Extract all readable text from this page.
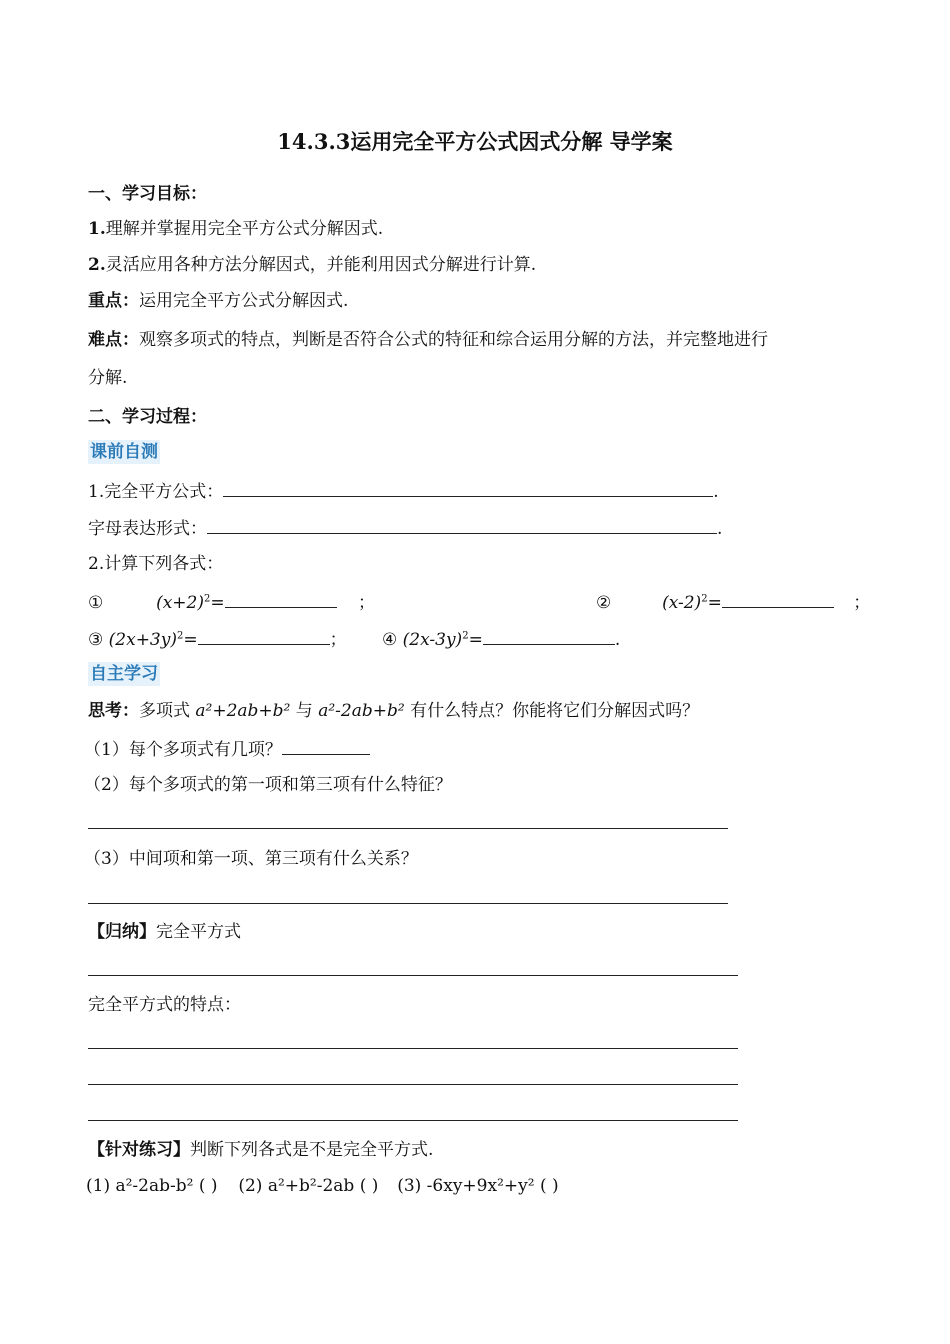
14.3.3运用完全平方公式因式分解 导学案
一、学习目标：
1.理解并掌握用完全平方公式分解因式.
2.灵活应用各种方法分解因式，并能利用因式分解进行计算.
重点：运用完全平方公式分解因式.
难点：观察多项式的特点，判断是否符合公式的特征和综合运用分解的方法，并完整地进行
分解.
二、学习过程：
课前自测
1.完全平方公式：	.
字母表达形式：	.
2.计算下列各式：
①	$(x+2)^2=$	；	②	$(x-2)^2=$	；
③ $(2x+3y)^2=$	； ④ $(2x-3y)^2=$	.
自主学习
思考：多项式 a²+2ab+b² 与 a²-2ab+b² 有什么特点？你能将它们分解因式吗？
（1）每个多项式有几项？
（2）每个多项式的第一项和第三项有什么特征？
（3）中间项和第一项、第三项有什么关系？
【归纳】完全平方式
完全平方式的特点：
【针对练习】判断下列各式是不是完全平方式.
(1) a²-2ab-b² ( ) (2) a²+b²-2ab ( ) (3) -6xy+9x²+y² ( )
